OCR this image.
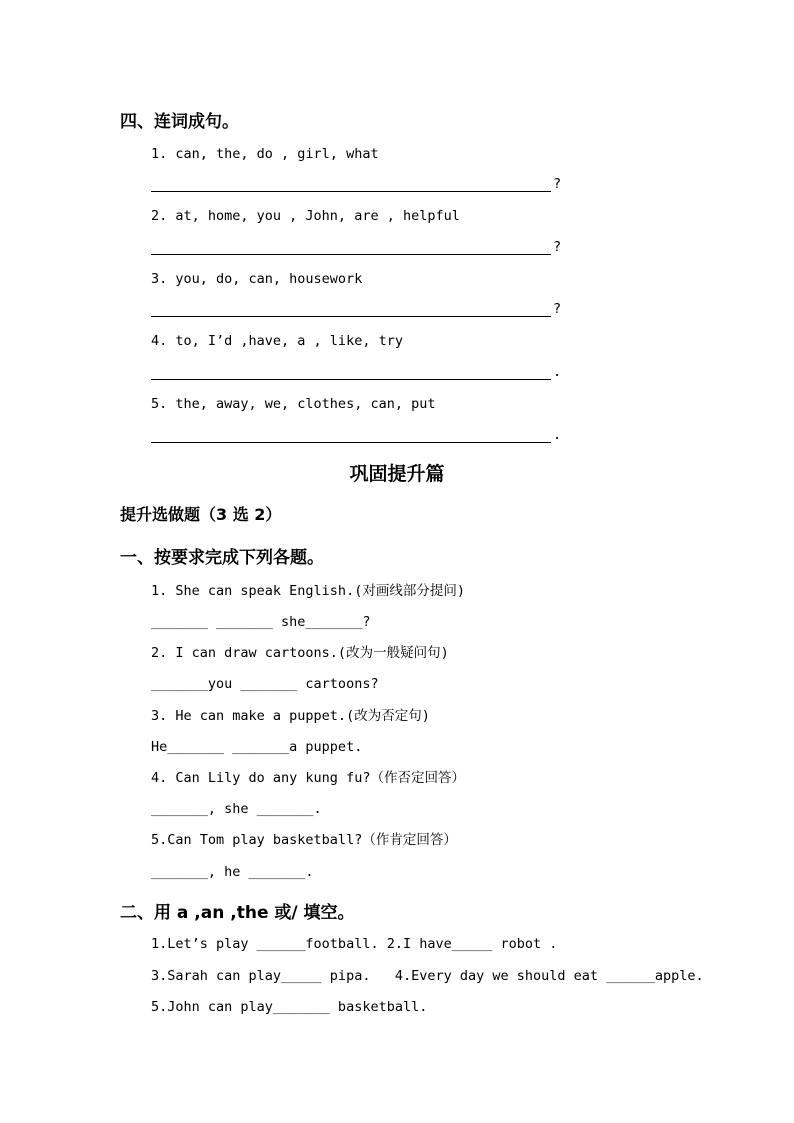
四、连词成句。
1. can, the, do , girl, what
?
2. at, home, you , John, are , helpful
?
3. you, do, can, housework
?
4. to, I’d ,have, a , like, try
.
5. the, away, we, clothes, can, put
.
巩固提升篇
提升选做题（3 选 2）
一、按要求完成下列各题。
1. She can speak English.(对画线部分提问)
_______ _______ she_______?
2. I can draw cartoons.(改为一般疑问句)
_______you _______ cartoons?
3. He can make a puppet.(改为否定句)
He_______ _______a puppet.
4. Can Lily do any kung fu?（作否定回答）
_______, she _______.
5.Can Tom play basketball?（作肯定回答）
_______, he _______.
二、用 a ,an ,the 或/ 填空。
1.Let’s play ______football. 2.I have_____ robot .
3.Sarah can play_____ pipa.   4.Every day we should eat ______apple.
5.John can play_______ basketball.
